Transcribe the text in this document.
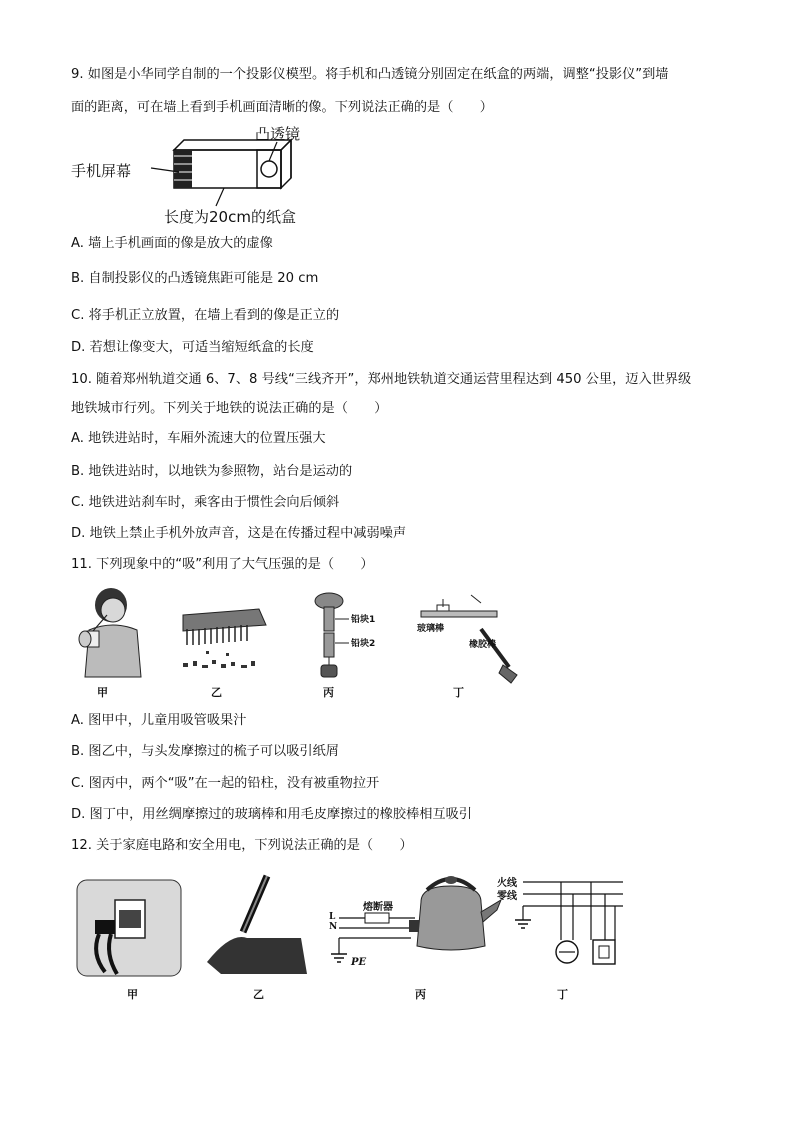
9. 如图是小华同学自制的一个投影仪模型。将手机和凸透镜分别固定在纸盒的两端，调整“投影仪”到墙
面的距离，可在墙上看到手机画面清晰的像。下列说法正确的是（　　）
凸透镜
手机屏幕
长度为20cm的纸盒
A. 墙上手机画面的像是放大的虚像
B. 自制投影仪的凸透镜焦距可能是 20 cm
C. 将手机正立放置，在墙上看到的像是正立的
D. 若想让像变大，可适当缩短纸盒的长度
10. 随着郑州轨道交通 6、7、8 号线“三线齐开”，郑州地铁轨道交通运营里程达到 450 公里，迈入世界级
地铁城市行列。下列关于地铁的说法正确的是（　　）
A. 地铁进站时，车厢外流速大的位置压强大
B. 地铁进站时，以地铁为参照物，站台是运动的
C. 地铁进站刹车时，乘客由于惯性会向后倾斜
D. 地铁上禁止手机外放声音，这是在传播过程中减弱噪声
11. 下列现象中的“吸”利用了大气压强的是（　　）
铅块1
铅块2
玻璃棒
橡胶棒
甲	乙	丙	丁
A. 图甲中，儿童用吸管吸果汁
B. 图乙中，与头发摩擦过的梳子可以吸引纸屑
C. 图丙中，两个“吸”在一起的铅柱，没有被重物拉开
D. 图丁中，用丝绸摩擦过的玻璃棒和用毛皮摩擦过的橡胶棒相互吸引
12. 关于家庭电路和安全用电，下列说法正确的是（　　）
熔断器
L
N
PE
火线
零线
甲	乙	丙	丁
